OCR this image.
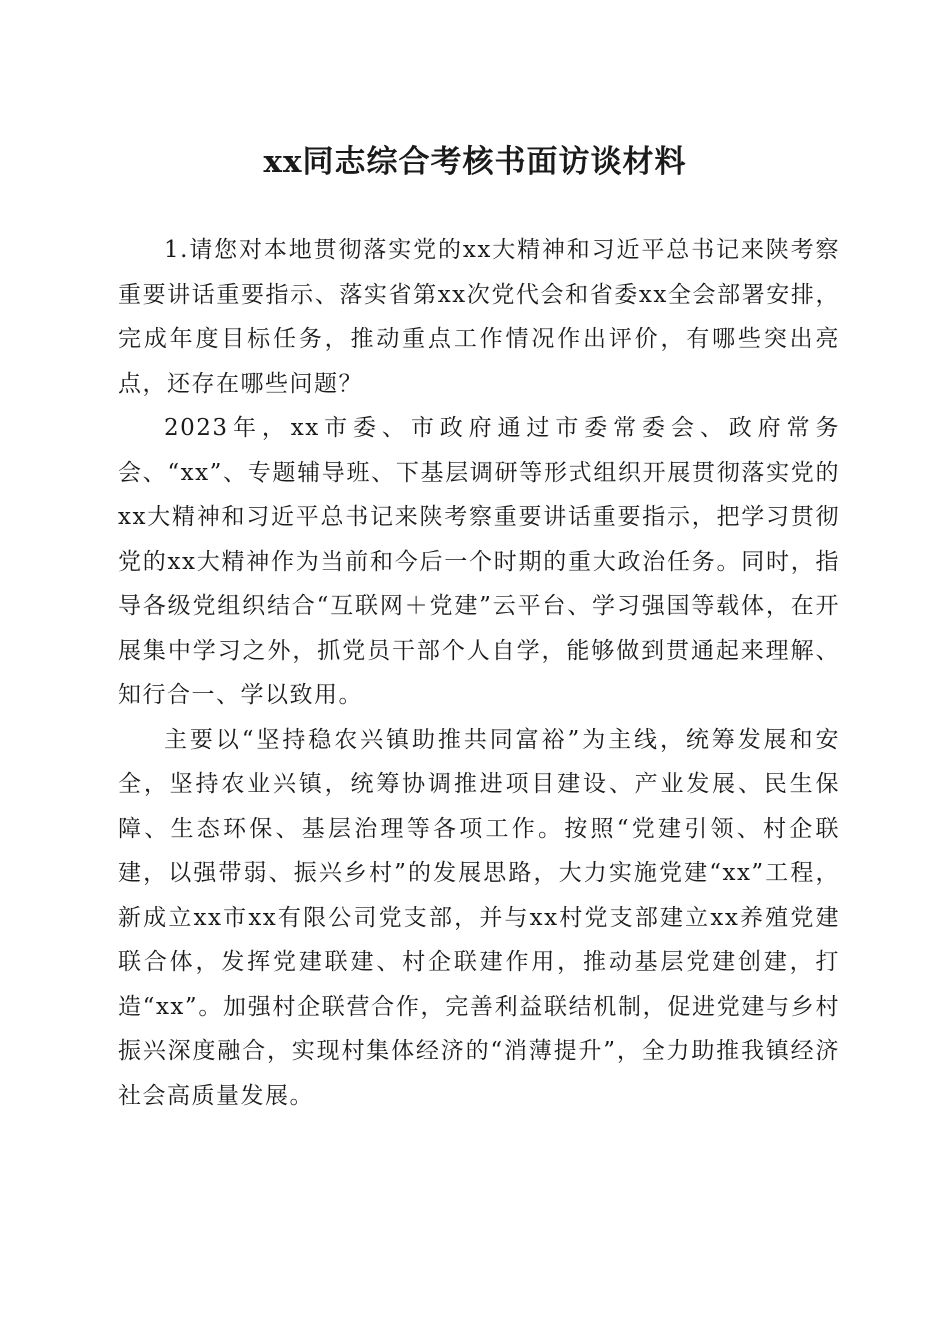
xx同志综合考核书面访谈材料

1.请您对本地贯彻落实党的xx大精神和习近平总书记来陕考察重要讲话重要指示、落实省第xx次党代会和省委xx全会部署安排，完成年度目标任务，推动重点工作情况作出评价，有哪些突出亮点，还存在哪些问题？

2023年，xx市委、市政府通过市委常委会、政府常务会、“xx”、专题辅导班、下基层调研等形式组织开展贯彻落实党的xx大精神和习近平总书记来陕考察重要讲话重要指示，把学习贯彻党的xx大精神作为当前和今后一个时期的重大政治任务。同时，指导各级党组织结合“互联网＋党建”云平台、学习强国等载体，在开展集中学习之外，抓党员干部个人自学，能够做到贯通起来理解、知行合一、学以致用。

主要以“坚持稳农兴镇助推共同富裕”为主线，统筹发展和安全，坚持农业兴镇，统筹协调推进项目建设、产业发展、民生保障、生态环保、基层治理等各项工作。按照“党建引领、村企联建，以强带弱、振兴乡村”的发展思路，大力实施党建“xx”工程，新成立xx市xx有限公司党支部，并与xx村党支部建立xx养殖党建联合体，发挥党建联建、村企联建作用，推动基层党建创建，打造“xx”。加强村企联营合作，完善利益联结机制，促进党建与乡村振兴深度融合，实现村集体经济的“消薄提升”，全力助推我镇经济社会高质量发展。
